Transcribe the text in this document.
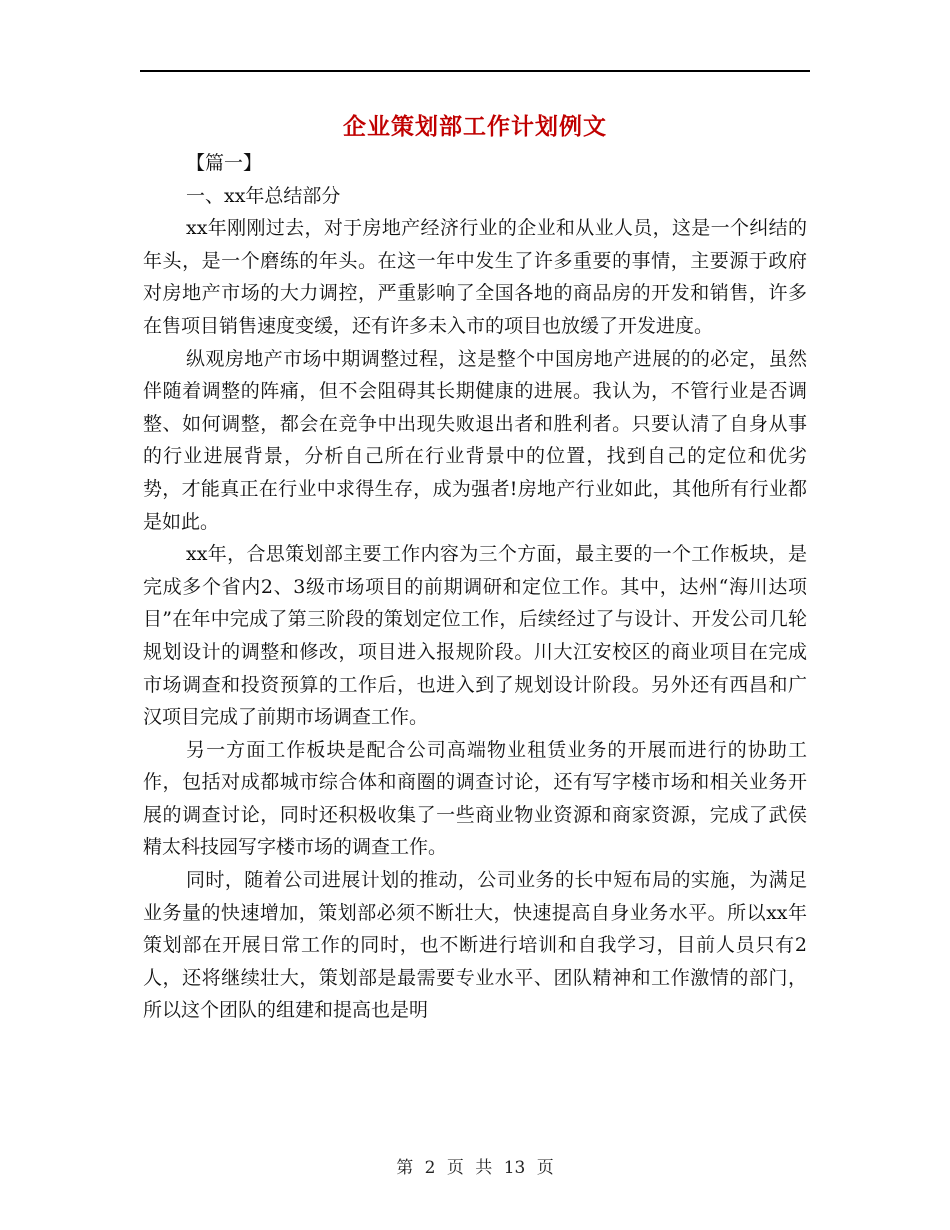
企业策划部工作计划例文

【篇一】

一、xx年总结部分

xx年刚刚过去，对于房地产经济行业的企业和从业人员，这是一个纠结的年头，是一个磨练的年头。在这一年中发生了许多重要的事情，主要源于政府对房地产市场的大力调控，严重影响了全国各地的商品房的开发和销售，许多在售项目销售速度变缓，还有许多未入市的项目也放缓了开发进度。

纵观房地产市场中期调整过程，这是整个中国房地产进展的的必定，虽然伴随着调整的阵痛，但不会阻碍其长期健康的进展。我认为，不管行业是否调整、如何调整，都会在竞争中出现失败退出者和胜利者。只要认清了自身从事的行业进展背景，分析自己所在行业背景中的位置，找到自己的定位和优劣势，才能真正在行业中求得生存，成为强者!房地产行业如此，其他所有行业都是如此。

xx年，合思策划部主要工作内容为三个方面，最主要的一个工作板块，是完成多个省内2、3级市场项目的前期调研和定位工作。其中，达州“海川达项目”在年中完成了第三阶段的策划定位工作，后续经过了与设计、开发公司几轮规划设计的调整和修改，项目进入报规阶段。川大江安校区的商业项目在完成市场调查和投资预算的工作后，也进入到了规划设计阶段。另外还有西昌和广汉项目完成了前期市场调查工作。

另一方面工作板块是配合公司高端物业租赁业务的开展而进行的协助工作，包括对成都城市综合体和商圈的调查讨论，还有写字楼市场和相关业务开展的调查讨论，同时还积极收集了一些商业物业资源和商家资源，完成了武侯精太科技园写字楼市场的调查工作。

同时，随着公司进展计划的推动，公司业务的长中短布局的实施，为满足业务量的快速增加，策划部必须不断壮大，快速提高自身业务水平。所以xx年策划部在开展日常工作的同时，也不断进行培训和自我学习，目前人员只有2人，还将继续壮大，策划部是最需要专业水平、团队精神和工作激情的部门，所以这个团队的组建和提高也是明

第 2 页 共 13 页
